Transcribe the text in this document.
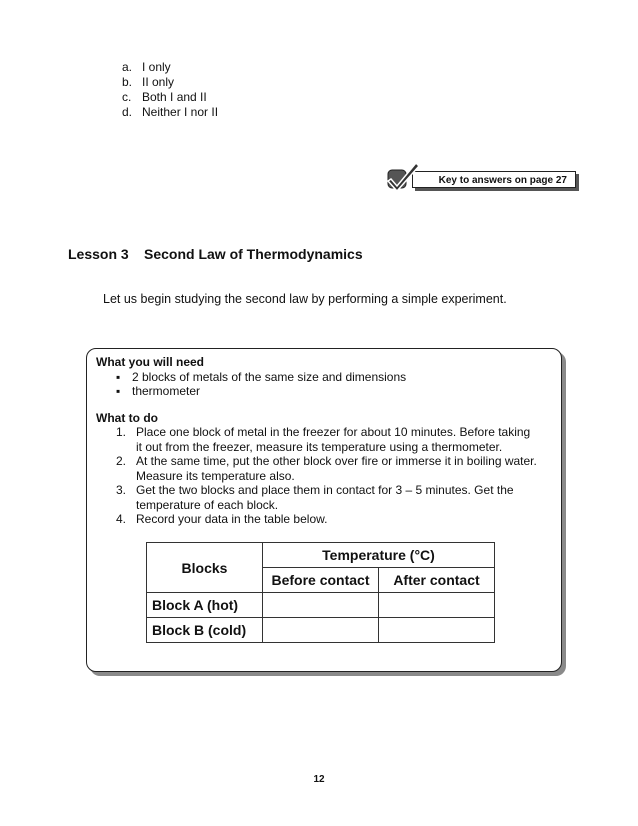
a. I only
b. II only
c. Both I and II
d. Neither I nor II
Key to answers on page 27
Lesson 3 Second Law of Thermodynamics
Let us begin studying the second law by performing a simple experiment.
What you will need
▪ 2 blocks of metals of the same size and dimensions
▪ thermometer
What to do
1. Place one block of metal in the freezer for about 10 minutes. Before taking
it out from the freezer, measure its temperature using a thermometer.
2. At the same time, put the other block over fire or immerse it in boiling water.
Measure its temperature also.
3. Get the two blocks and place them in contact for 3 – 5 minutes. Get the
temperature of each block.
4. Record your data in the table below.
Blocks	Temperature (°C)	
	Before contact	After contact
Block A (hot)		
Block B (cold)		
12
